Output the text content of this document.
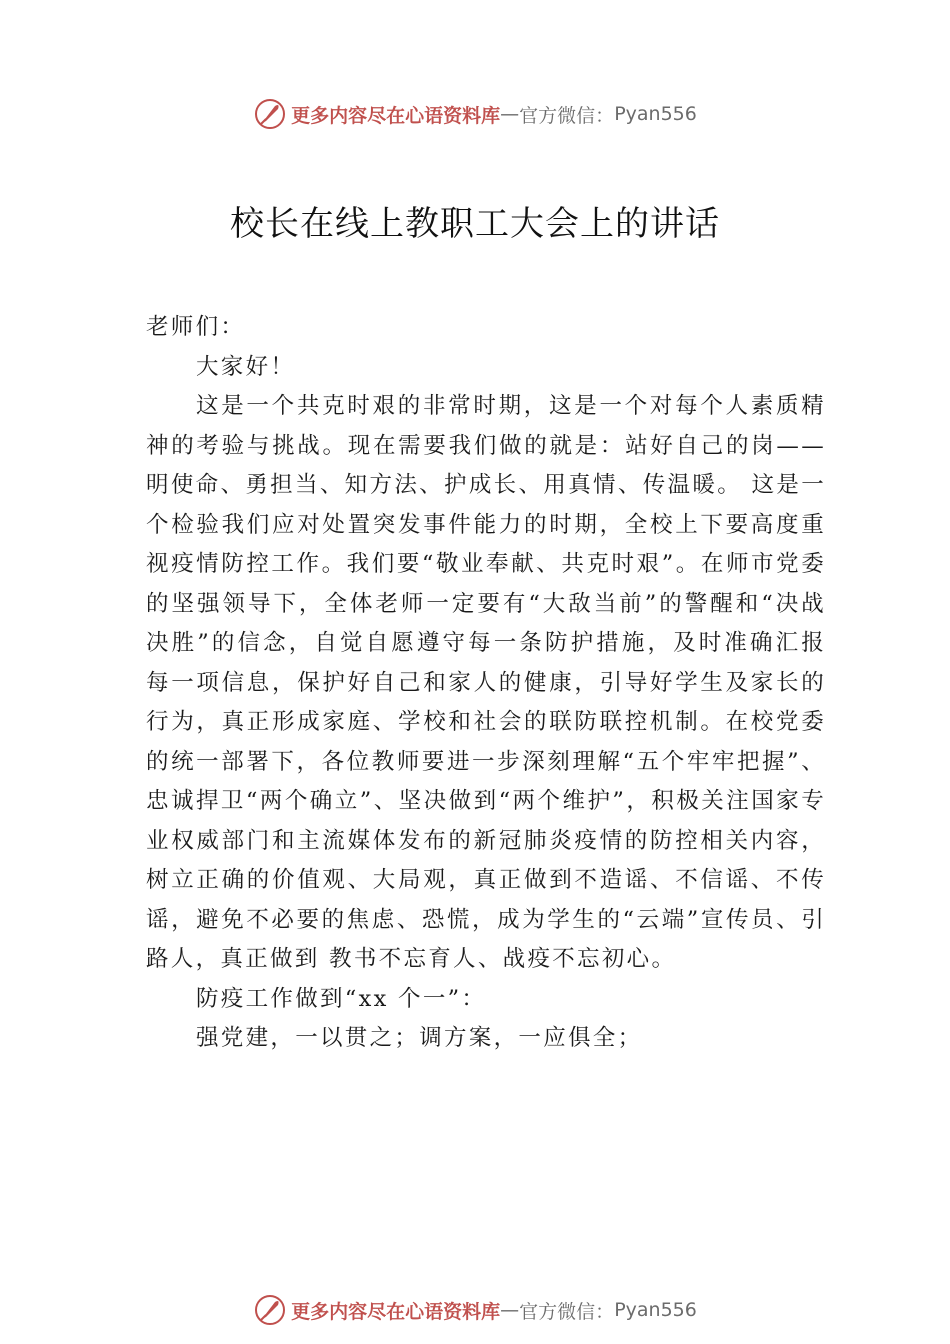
更多内容尽在心语资料库 — 官方微信： Pyan556
校长在线上教职工大会上的讲话

老师们：

大家好！

这是一个共克时艰的非常时期，这是一个对每个人素质精神的考验与挑战。现在需要我们做的就是：站好自己的岗——明使命、勇担当、知方法、护成长、用真情、传温暖。 这是一个检验我们应对处置突发事件能力的时期，全校上下要高度重视疫情防控工作。我们要“敬业奉献、共克时艰”。在师市党委的坚强领导下，全体老师一定要有“大敌当前”的警醒和“决战决胜”的信念，自觉自愿遵守每一条防护措施，及时准确汇报每一项信息，保护好自己和家人的健康，引导好学生及家长的行为，真正形成家庭、学校和社会的联防联控机制。在校党委的统一部署下，各位教师要进一步深刻理解“五个牢牢把握”、忠诚捍卫“两个确立”、坚决做到“两个维护”，积极关注国家专业权威部门和主流媒体发布的新冠肺炎疫情的防控相关内容，树立正确的价值观、大局观，真正做到不造谣、不信谣、不传谣，避免不必要的焦虑、恐慌，成为学生的“云端”宣传员、引路人，真正做到 教书不忘育人、战疫不忘初心。

防疫工作做到“xx 个一”：

强党建，一以贯之；调方案，一应俱全；

更多内容尽在心语资料库 — 官方微信： Pyan556
